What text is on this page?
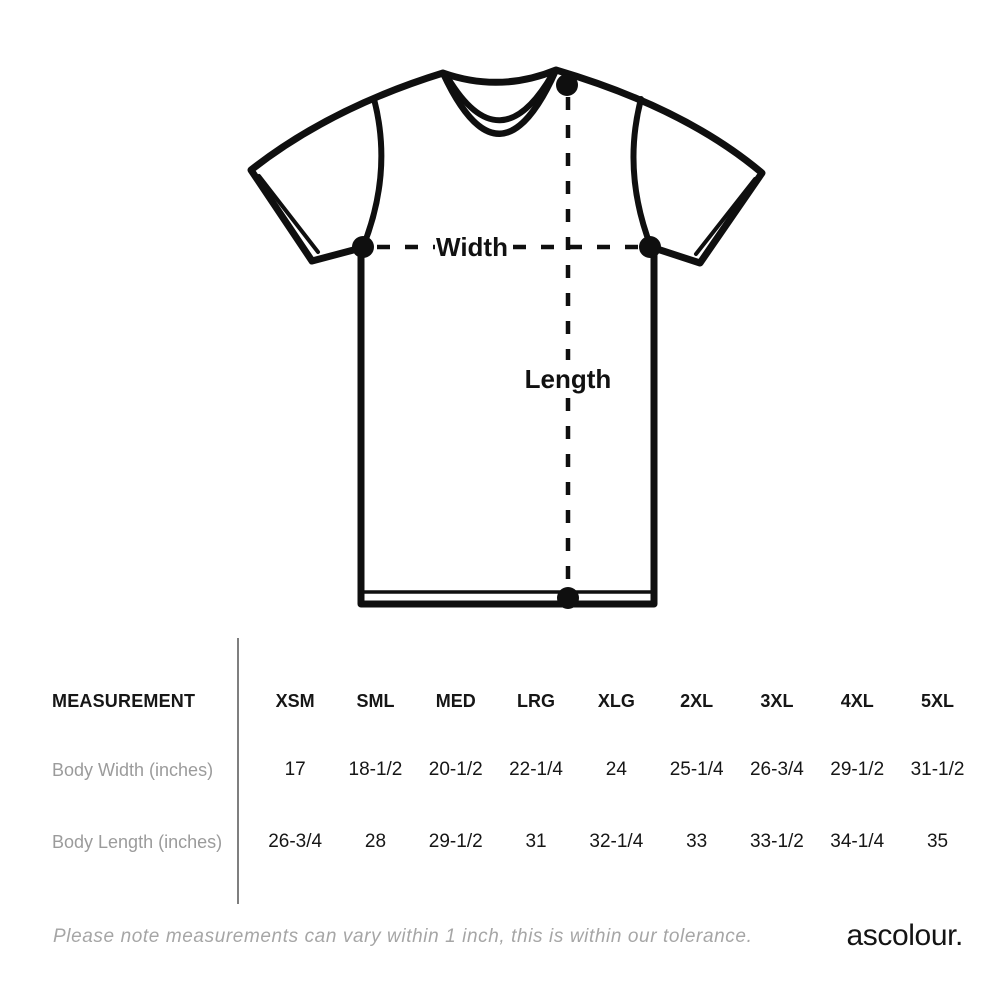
Width
Length
MEASUREMENT	XSM	SML	MED	LRG	XLG	2XL	3XL	4XL	5XL
Body Width (inches)	17	18-1/2	20-1/2	22-1/4	24	25-1/4	26-3/4	29-1/2	31-1/2
Body Length (inches)	26-3/4	28	29-1/2	31	32-1/4	33	33-1/2	34-1/4	35
Please note measurements can vary within 1 inch, this is within our tolerance.	ascolour.
